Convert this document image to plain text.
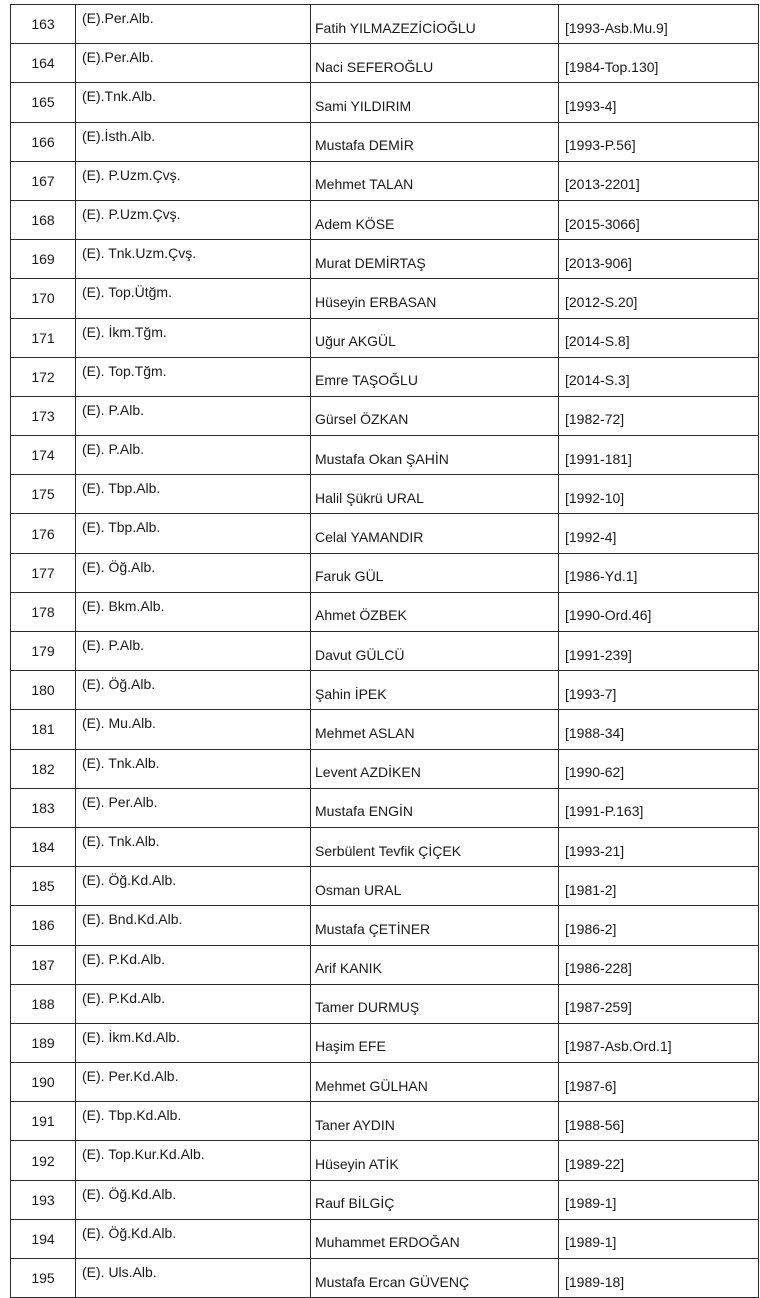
163	(E).Per.Alb.	Fatih YILMAZEZİCİOĞLU	[1993-Asb.Mu.9]
164	(E).Per.Alb.	Naci SEFEROĞLU	[1984-Top.130]
165	(E).Tnk.Alb.	Sami YILDIRIM	[1993-4]
166	(E).İsth.Alb.	Mustafa DEMİR	[1993-P.56]
167	(E). P.Uzm.Çvş.	Mehmet TALAN	[2013-2201]
168	(E). P.Uzm.Çvş.	Adem KÖSE	[2015-3066]
169	(E). Tnk.Uzm.Çvş.	Murat DEMİRTAŞ	[2013-906]
170	(E). Top.Ütğm.	Hüseyin ERBASAN	[2012-S.20]
171	(E). İkm.Tğm.	Uğur AKGÜL	[2014-S.8]
172	(E). Top.Tğm.	Emre TAŞOĞLU	[2014-S.3]
173	(E). P.Alb.	Gürsel ÖZKAN	[1982-72]
174	(E). P.Alb.	Mustafa Okan ŞAHİN	[1991-181]
175	(E). Tbp.Alb.	Halil Şükrü URAL	[1992-10]
176	(E). Tbp.Alb.	Celal YAMANDIR	[1992-4]
177	(E). Öğ.Alb.	Faruk GÜL	[1986-Yd.1]
178	(E). Bkm.Alb.	Ahmet ÖZBEK	[1990-Ord.46]
179	(E). P.Alb.	Davut GÜLCÜ	[1991-239]
180	(E). Öğ.Alb.	Şahin İPEK	[1993-7]
181	(E). Mu.Alb.	Mehmet ASLAN	[1988-34]
182	(E). Tnk.Alb.	Levent AZDİKEN	[1990-62]
183	(E). Per.Alb.	Mustafa ENGİN	[1991-P.163]
184	(E). Tnk.Alb.	Serbülent Tevfik ÇİÇEK	[1993-21]
185	(E). Öğ.Kd.Alb.	Osman URAL	[1981-2]
186	(E). Bnd.Kd.Alb.	Mustafa ÇETİNER	[1986-2]
187	(E). P.Kd.Alb.	Arif KANIK	[1986-228]
188	(E). P.Kd.Alb.	Tamer DURMUŞ	[1987-259]
189	(E). İkm.Kd.Alb.	Haşim EFE	[1987-Asb.Ord.1]
190	(E). Per.Kd.Alb.	Mehmet GÜLHAN	[1987-6]
191	(E). Tbp.Kd.Alb.	Taner AYDIN	[1988-56]
192	(E). Top.Kur.Kd.Alb.	Hüseyin ATİK	[1989-22]
193	(E). Öğ.Kd.Alb.	Rauf BİLGİÇ	[1989-1]
194	(E). Öğ.Kd.Alb.	Muhammet ERDOĞAN	[1989-1]
195	(E). Uls.Alb.	Mustafa Ercan GÜVENÇ	[1989-18]
